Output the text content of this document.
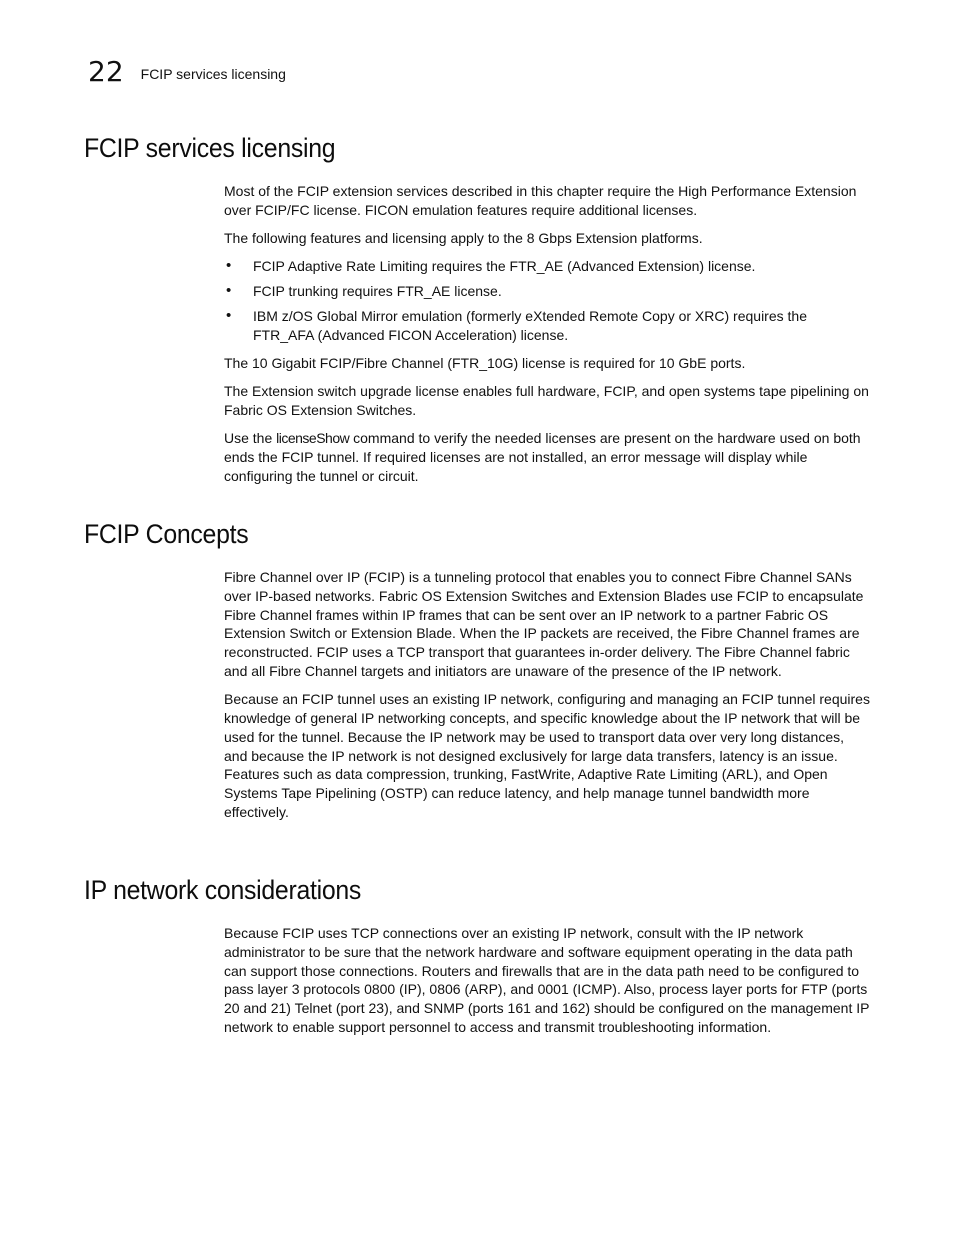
22 FCIP services licensing
FCIP services licensing

Most of the FCIP extension services described in this chapter require the High Performance Extension over FCIP/FC license. FICON emulation features require additional licenses.

The following features and licensing apply to the 8 Gbps Extension platforms.

• FCIP Adaptive Rate Limiting requires the FTR_AE (Advanced Extension) license.
• FCIP trunking requires FTR_AE license.
• IBM z/OS Global Mirror emulation (formerly eXtended Remote Copy or XRC) requires the FTR_AFA (Advanced FICON Acceleration) license.

The 10 Gigabit FCIP/Fibre Channel (FTR_10G) license is required for 10 GbE ports.

The Extension switch upgrade license enables full hardware, FCIP, and open systems tape pipelining on Fabric OS Extension Switches.

Use the licenseShow command to verify the needed licenses are present on the hardware used on both ends the FCIP tunnel. If required licenses are not installed, an error message will display while configuring the tunnel or circuit.

FCIP Concepts

Fibre Channel over IP (FCIP) is a tunneling protocol that enables you to connect Fibre Channel SANs over IP-based networks. Fabric OS Extension Switches and Extension Blades use FCIP to encapsulate Fibre Channel frames within IP frames that can be sent over an IP network to a partner Fabric OS Extension Switch or Extension Blade. When the IP packets are received, the Fibre Channel frames are reconstructed. FCIP uses a TCP transport that guarantees in-order delivery. The Fibre Channel fabric and all Fibre Channel targets and initiators are unaware of the presence of the IP network.

Because an FCIP tunnel uses an existing IP network, configuring and managing an FCIP tunnel requires knowledge of general IP networking concepts, and specific knowledge about the IP network that will be used for the tunnel. Because the IP network may be used to transport data over very long distances, and because the IP network is not designed exclusively for large data transfers, latency is an issue. Features such as data compression, trunking, FastWrite, Adaptive Rate Limiting (ARL), and Open Systems Tape Pipelining (OSTP) can reduce latency, and help manage tunnel bandwidth more effectively.

IP network considerations

Because FCIP uses TCP connections over an existing IP network, consult with the IP network administrator to be sure that the network hardware and software equipment operating in the data path can support those connections. Routers and firewalls that are in the data path need to be configured to pass layer 3 protocols 0800 (IP), 0806 (ARP), and 0001 (ICMP). Also, process layer ports for FTP (ports 20 and 21) Telnet (port 23), and SNMP (ports 161 and 162) should be configured on the management IP network to enable support personnel to access and transmit troubleshooting information.
